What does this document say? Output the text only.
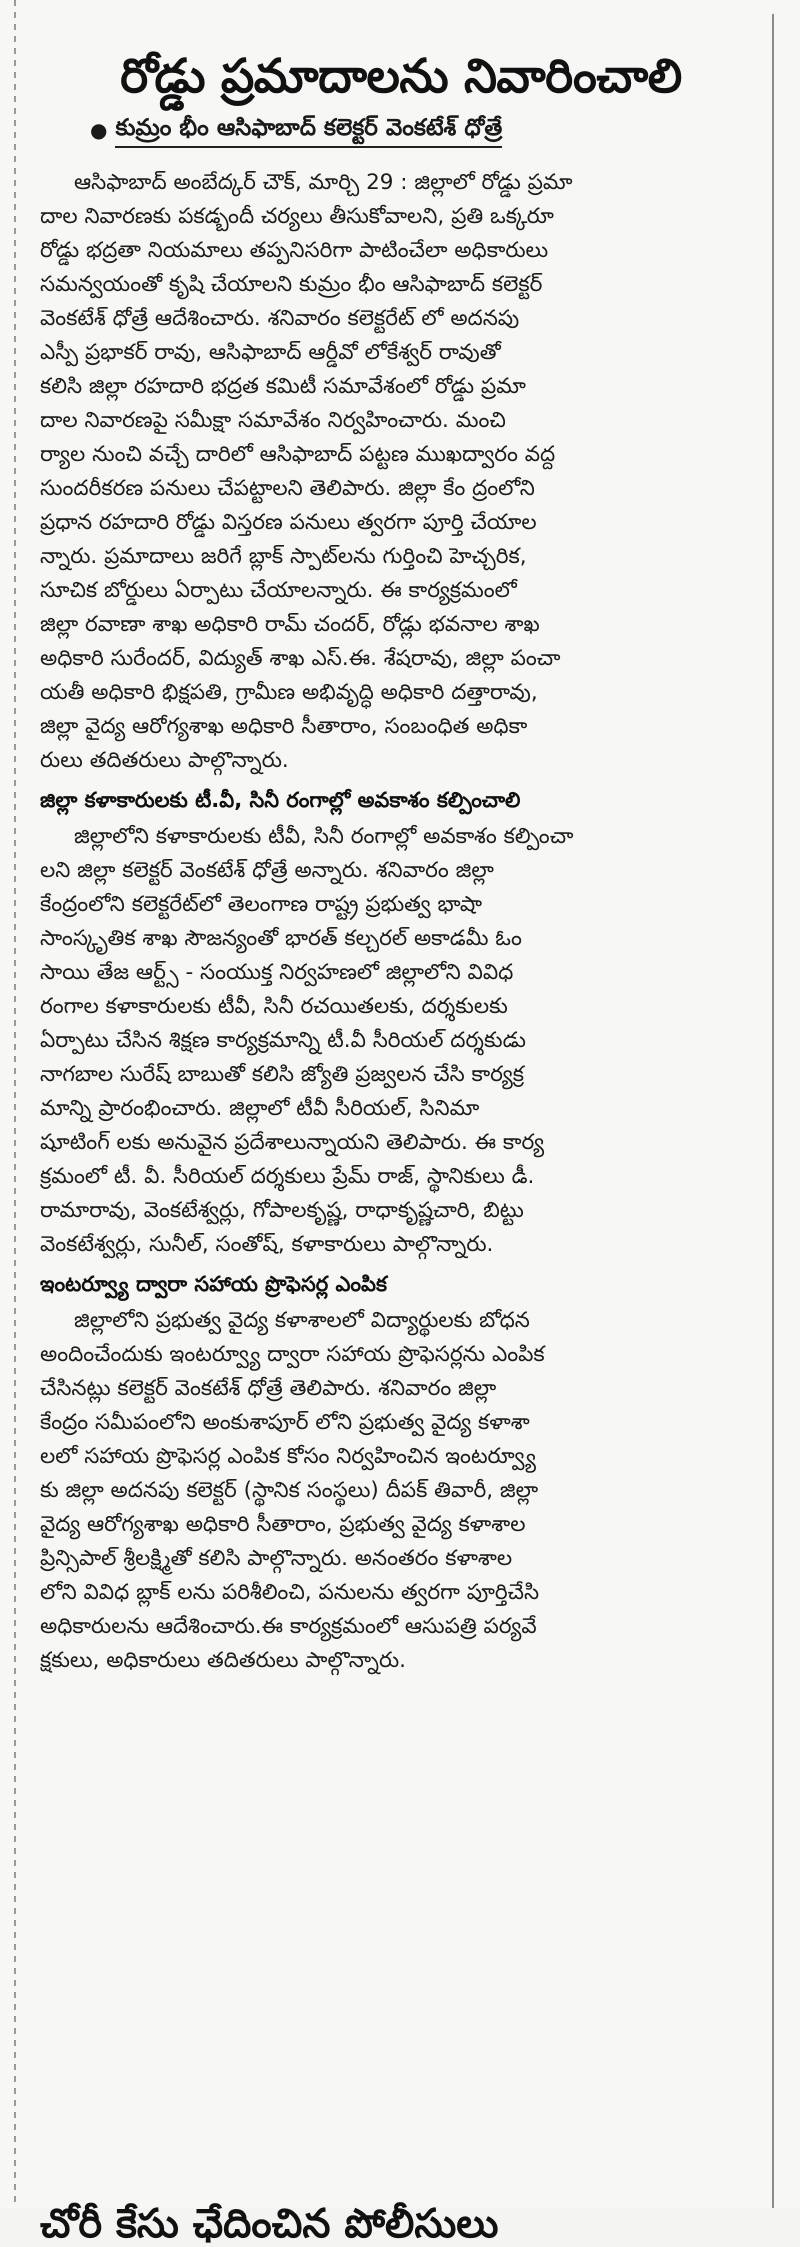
రోడ్డు ప్రమాదాలను నివారించాలి
● కుమ్రం భీం ఆసిఫాబాద్ కలెక్టర్ వెంకటేశ్ ధోత్రే
ఆసిఫాబాద్ అంబేద్కర్ చౌక్, మార్చి 29 : జిల్లాలో రోడ్డు ప్రమా
దాల నివారణకు పకడ్బందీ చర్యలు తీసుకోవాలని, ప్రతి ఒక్కరూ
రోడ్డు భద్రతా నియమాలు తప్పనిసరిగా పాటించేలా అధికారులు
సమన్వయంతో కృషి చేయాలని కుమ్రం భీం ఆసిఫాబాద్ కలెక్టర్
వెంకటేశ్ ధోత్రే ఆదేశించారు. శనివారం కలెక్టరేట్ లో అదనపు
ఎస్పీ ప్రభాకర్ రావు, ఆసిఫాబాద్ ఆర్డీవో లోకేశ్వర్ రావుతో
కలిసి జిల్లా రహదారి భద్రత కమిటీ సమావేశంలో రోడ్డు ప్రమా
దాల నివారణపై సమీక్షా సమావేశం నిర్వహించారు. మంచి
ర్యాల నుంచి వచ్చే దారిలో ఆసిఫాబాద్ పట్టణ ముఖద్వారం వద్ద
సుందరీకరణ పనులు చేపట్టాలని తెలిపారు. జిల్లా కేం ద్రంలోని
ప్రధాన రహదారి రోడ్డు విస్తరణ పనులు త్వరగా పూర్తి చేయాల
న్నారు. ప్రమాదాలు జరిగే బ్లాక్ స్పాట్‌లను గుర్తించి హెచ్చరిక,
సూచిక బోర్డులు ఏర్పాటు చేయాలన్నారు. ఈ కార్యక్రమంలో
జిల్లా రవాణా శాఖ అధికారి రామ్ చందర్, రోడ్లు భవనాల శాఖ
అధికారి సురేందర్, విద్యుత్ శాఖ ఎస్.ఈ. శేషరావు, జిల్లా పంచా
యతీ అధికారి భిక్షపతి, గ్రామీణ అభివృద్ధి అధికారి దత్తారావు,
జిల్లా వైద్య ఆరోగ్యశాఖ అధికారి సీతారాం, సంబంధిత అధికా
రులు తదితరులు పాల్గొన్నారు.
జిల్లా కళాకారులకు టీ.వీ, సినీ రంగాల్లో అవకాశం కల్పించాలి
జిల్లాలోని కళాకారులకు టీవీ, సినీ రంగాల్లో అవకాశం కల్పించా
లని జిల్లా కలెక్టర్ వెంకటేశ్ ధోత్రే అన్నారు. శనివారం జిల్లా
కేంద్రంలోని కలెక్టరేట్‌లో తెలంగాణ రాష్ట్ర ప్రభుత్వ భాషా
సాంస్కృతిక శాఖ సౌజన్యంతో భారత్ కల్చరల్ అకాడమీ ఓం
సాయి తేజ ఆర్ట్స్ - సంయుక్త నిర్వహణలో జిల్లాలోని వివిధ
రంగాల కళాకారులకు టీవీ, సినీ రచయితలకు, దర్శకులకు
ఏర్పాటు చేసిన శిక్షణ కార్యక్రమాన్ని టీ.వీ సీరియల్ దర్శకుడు
నాగబాల సురేష్ బాబుతో కలిసి జ్యోతి ప్రజ్వలన చేసి కార్యక్ర
మాన్ని ప్రారంభించారు. జిల్లాలో టీవీ సీరియల్, సినిమా
షూటింగ్ లకు అనువైన ప్రదేశాలున్నాయని తెలిపారు. ఈ కార్య
క్రమంలో టీ. వీ. సీరియల్ దర్శకులు ప్రేమ్ రాజ్, స్థానికులు డీ.
రామారావు, వెంకటేశ్వర్లు, గోపాలకృష్ణ, రాధాకృష్ణచారి, బిట్టు
వెంకటేశ్వర్లు, సునీల్, సంతోష్, కళాకారులు పాల్గొన్నారు.
ఇంటర్వ్యూ ద్వారా సహాయ ప్రొఫెసర్ల ఎంపిక
జిల్లాలోని ప్రభుత్వ వైద్య కళాశాలలో విద్యార్థులకు బోధన
అందించేందుకు ఇంటర్వ్యూ ద్వారా సహాయ ప్రొఫెసర్లను ఎంపిక
చేసినట్లు కలెక్టర్ వెంకటేశ్ ధోత్రే తెలిపారు. శనివారం జిల్లా
కేంద్రం సమీపంలోని అంకుశాపూర్ లోని ప్రభుత్వ వైద్య కళాశా
లలో సహాయ ప్రొఫెసర్ల ఎంపిక కోసం నిర్వహించిన ఇంటర్వ్యూ
కు జిల్లా అదనపు కలెక్టర్ (స్థానిక సంస్థలు) దీపక్ తివారీ, జిల్లా
వైద్య ఆరోగ్యశాఖ అధికారి సీతారాం, ప్రభుత్వ వైద్య కళాశాల
ప్రిన్సిపాల్ శ్రీలక్ష్మితో కలిసి పాల్గొన్నారు. అనంతరం కళాశాల
లోని వివిధ బ్లాక్ లను పరిశీలించి, పనులను త్వరగా పూర్తిచేసి
అధికారులను ఆదేశించారు.ఈ కార్యక్రమంలో ఆసుపత్రి పర్యవే
క్షకులు, అధికారులు తదితరులు పాల్గొన్నారు.
చోరీ కేసు ఛేదించిన పోలీసులు
